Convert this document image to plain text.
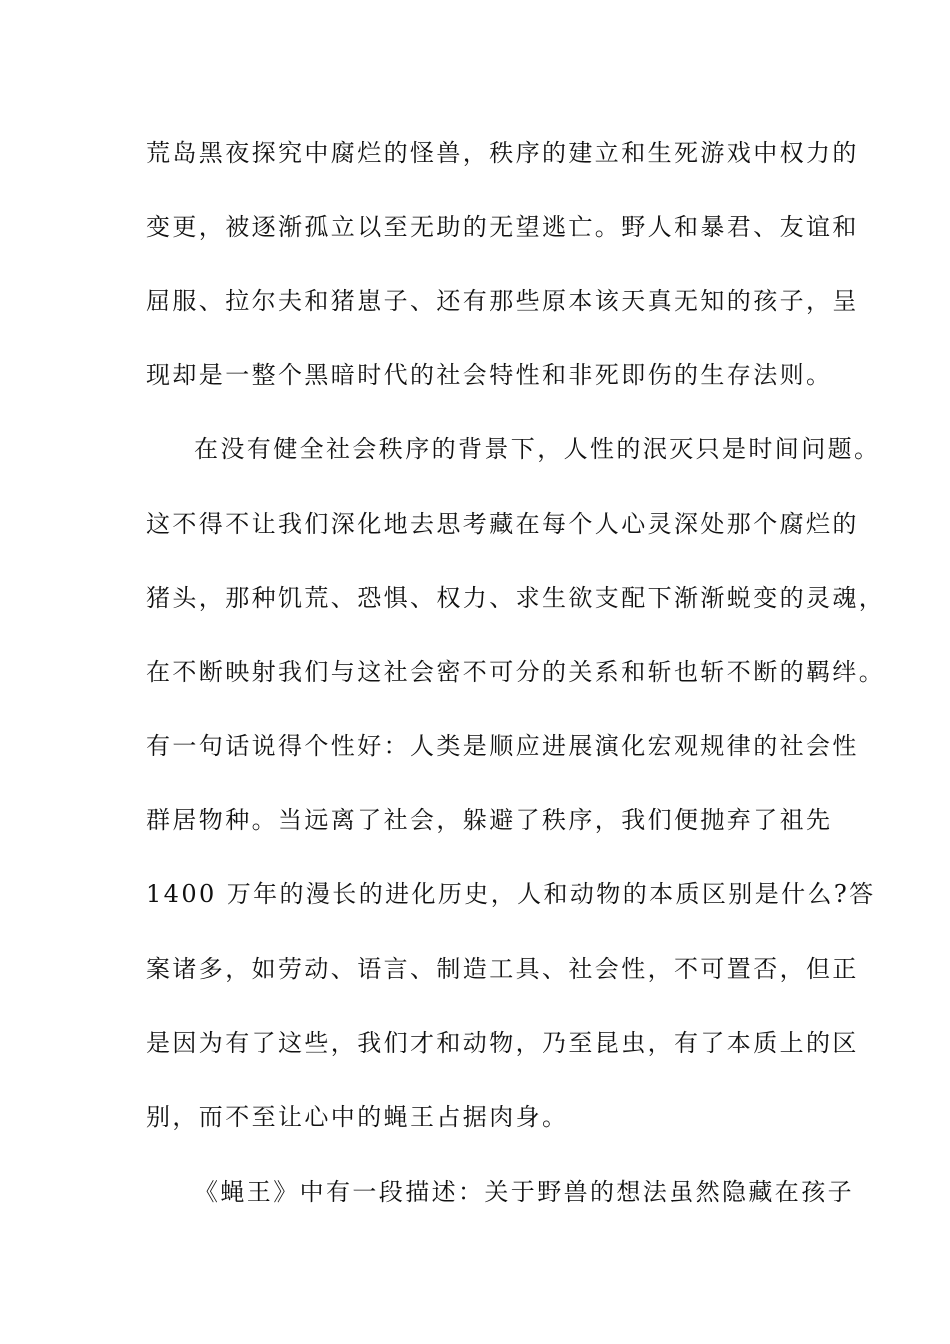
荒岛黑夜探究中腐烂的怪兽，秩序的建立和生死游戏中权力的
变更，被逐渐孤立以至无助的无望逃亡。野人和暴君、友谊和
屈服、拉尔夫和猪崽子、还有那些原本该天真无知的孩子，呈
现却是一整个黑暗时代的社会特性和非死即伤的生存法则。
在没有健全社会秩序的背景下，人性的泯灭只是时间问题。
这不得不让我们深化地去思考藏在每个人心灵深处那个腐烂的
猪头，那种饥荒、恐惧、权力、求生欲支配下渐渐蜕变的灵魂，
在不断映射我们与这社会密不可分的关系和斩也斩不断的羁绊。
有一句话说得个性好：人类是顺应进展演化宏观规律的社会性
群居物种。当远离了社会，躲避了秩序，我们便抛弃了祖先
1400 万年的漫长的进化历史，人和动物的本质区别是什么?答
案诸多，如劳动、语言、制造工具、社会性，不可置否，但正
是因为有了这些，我们才和动物，乃至昆虫，有了本质上的区
别，而不至让心中的蝇王占据肉身。
《蝇王》中有一段描述：关于野兽的想法虽然隐藏在孩子
